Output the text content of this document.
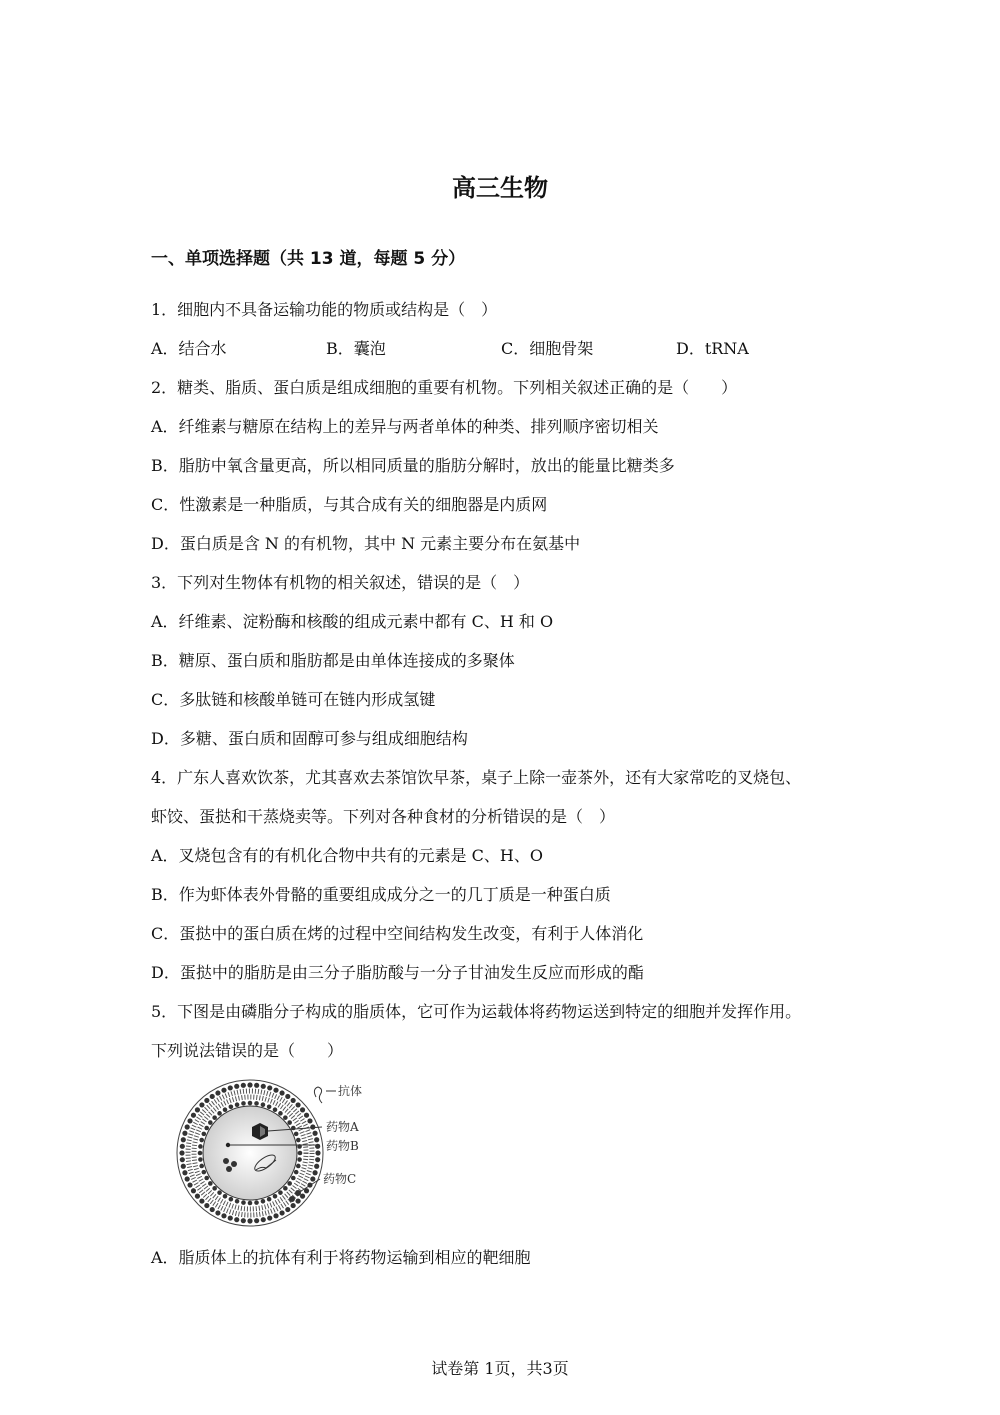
高三生物
一、单项选择题（共 13 道，每题 5 分）
1．细胞内不具备运输功能的物质或结构是（　）
A．结合水	B．囊泡	C．细胞骨架	D．tRNA
2．糖类、脂质、蛋白质是组成细胞的重要有机物。下列相关叙述正确的是（　　）
A．纤维素与糖原在结构上的差异与两者单体的种类、排列顺序密切相关
B．脂肪中氧含量更高，所以相同质量的脂肪分解时，放出的能量比糖类多
C．性激素是一种脂质，与其合成有关的细胞器是内质网
D．蛋白质是含 N 的有机物，其中 N 元素主要分布在氨基中
3．下列对生物体有机物的相关叙述，错误的是（　）
A．纤维素、淀粉酶和核酸的组成元素中都有 C、H 和 O
B．糖原、蛋白质和脂肪都是由单体连接成的多聚体
C．多肽链和核酸单链可在链内形成氢键
D．多糖、蛋白质和固醇可参与组成细胞结构
4．广东人喜欢饮茶，尤其喜欢去茶馆饮早茶，桌子上除一壶茶外，还有大家常吃的叉烧包、
虾饺、蛋挞和干蒸烧卖等。下列对各种食材的分析错误的是（　）
A．叉烧包含有的有机化合物中共有的元素是 C、H、O
B．作为虾体表外骨骼的重要组成成分之一的几丁质是一种蛋白质
C．蛋挞中的蛋白质在烤的过程中空间结构发生改变，有利于人体消化
D．蛋挞中的脂肪是由三分子脂肪酸与一分子甘油发生反应而形成的酯
5．下图是由磷脂分子构成的脂质体，它可作为运载体将药物运送到特定的细胞并发挥作用。
下列说法错误的是（　　）
抗体
药物A
药物B
药物C
A．脂质体上的抗体有利于将药物运输到相应的靶细胞
试卷第 1页，共3页
